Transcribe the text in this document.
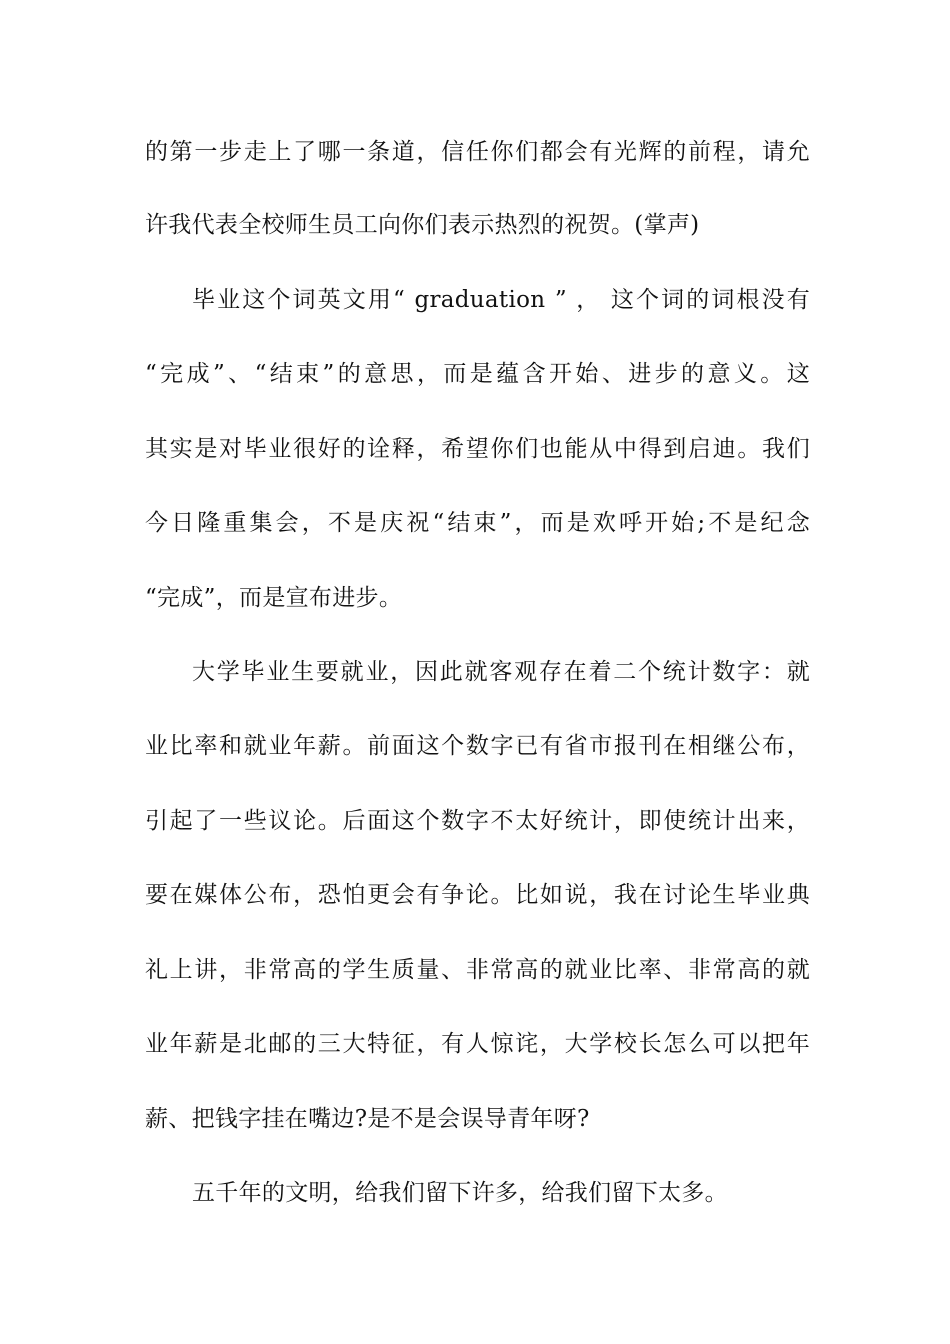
的第一步走上了哪一条道，信任你们都会有光辉的前程，请允
许我代表全校师生员工向你们表示热烈的祝贺。(掌声)
毕业这个词英文用“ graduation ” ， 这个词的词根没有
“完成”、“结束”的意思，而是蕴含开始、进步的意义。这
其实是对毕业很好的诠释，希望你们也能从中得到启迪。我们
今日隆重集会，不是庆祝“结束”，而是欢呼开始;不是纪念
“完成”，而是宣布进步。
大学毕业生要就业，因此就客观存在着二个统计数字：就
业比率和就业年薪。前面这个数字已有省市报刊在相继公布，
引起了一些议论。后面这个数字不太好统计，即使统计出来，
要在媒体公布，恐怕更会有争论。比如说，我在讨论生毕业典
礼上讲，非常高的学生质量、非常高的就业比率、非常高的就
业年薪是北邮的三大特征，有人惊诧，大学校长怎么可以把年
薪、把钱字挂在嘴边?是不是会误导青年呀?
五千年的文明，给我们留下许多，给我们留下太多。
